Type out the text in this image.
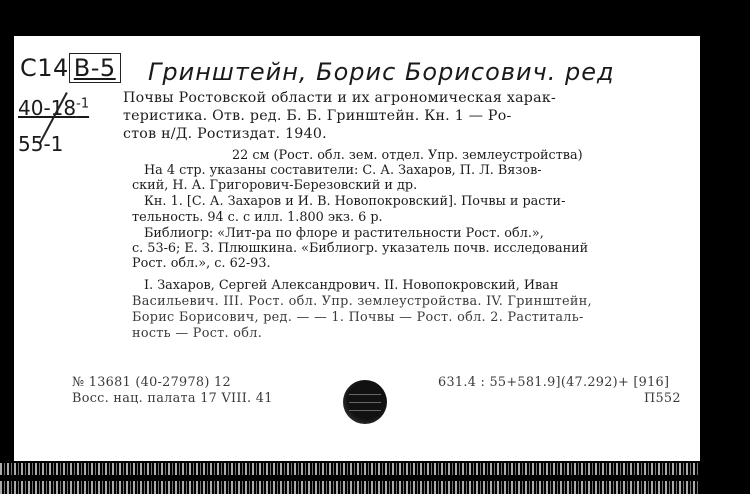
C14 B-5 Гринштейн, Борис Борисович. ред
$40-18^{-1}$
55-1
Почвы Ростовской области и их агрономическая харак-
теристика. Отв. ред. Б. Б. Гринштейн. Кн. 1 — Ро-
стов н/Д. Ростиздат. 1940.
22 см (Рост. обл. зем. отдел. Упр. землеустройства)
На 4 стр. указаны составители: С. А. Захаров, П. Л. Вязов-
ский, Н. А. Григорович-Березовский и др.
Кн. 1. [С. А. Захаров и И. В. Новопокровский]. Почвы и расти-
тельность. 94 с. с илл. 1.800 экз. 6 р.
Библиогр: «Лит-ра по флоре и растительности Рост. обл.»,
с. 53-6; Е. З. Плюшкина. «Библиогр. указатель почв. исследований
Рост. обл.», с. 62-93.
I. Захаров, Сергей Александрович. II. Новопокровский, Иван
Васильевич. III. Рост. обл. Упр. землеустройства. IV. Гринштейн,
Борис Борисович, ред. — — 1. Почвы — Рост. обл. 2. Раститаль-
ность — Рост. обл.
№ 13681 (40-27978) 12
Восс. нац. палата 17 VIII. 41
631.4 : 55+581.9](47.292)+ [916]
П552
